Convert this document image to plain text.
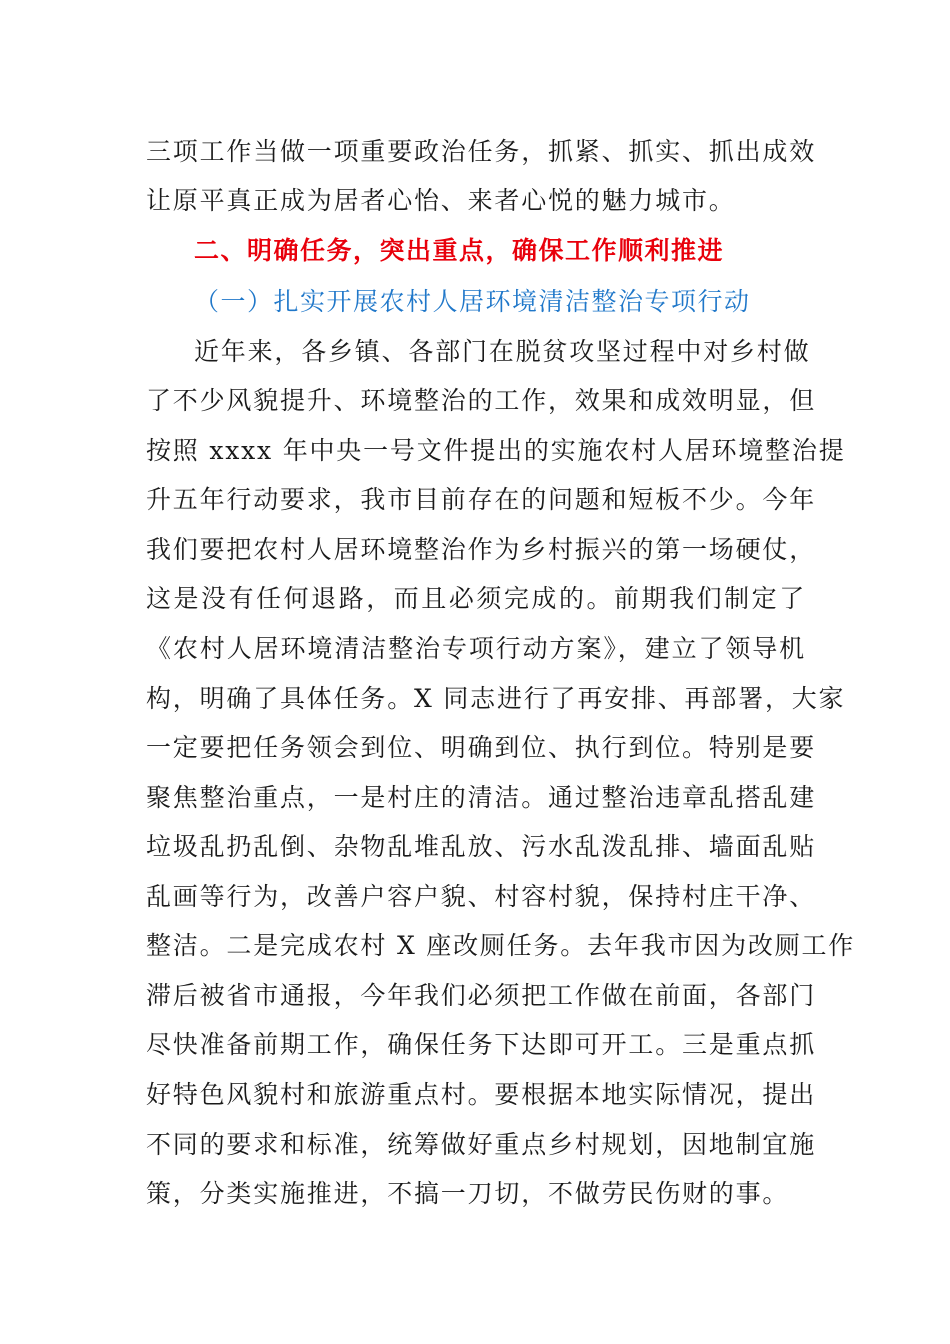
三项工作当做一项重要政治任务，抓紧、抓实、抓出成效
让原平真正成为居者心怡、来者心悦的魅力城市。
二、明确任务，突出重点，确保工作顺利推进
（一）扎实开展农村人居环境清洁整治专项行动
近年来，各乡镇、各部门在脱贫攻坚过程中对乡村做
了不少风貌提升、环境整治的工作，效果和成效明显，但
按照 xxxx 年中央一号文件提出的实施农村人居环境整治提
升五年行动要求，我市目前存在的问题和短板不少。今年
我们要把农村人居环境整治作为乡村振兴的第一场硬仗，
这是没有任何退路，而且必须完成的。前期我们制定了
《农村人居环境清洁整治专项行动方案》，建立了领导机
构，明确了具体任务。X 同志进行了再安排、再部署，大家
一定要把任务领会到位、明确到位、执行到位。特别是要
聚焦整治重点，一是村庄的清洁。通过整治违章乱搭乱建
垃圾乱扔乱倒、杂物乱堆乱放、污水乱泼乱排、墙面乱贴
乱画等行为，改善户容户貌、村容村貌，保持村庄干净、
整洁。二是完成农村 X 座改厕任务。去年我市因为改厕工作
滞后被省市通报，今年我们必须把工作做在前面，各部门
尽快准备前期工作，确保任务下达即可开工。三是重点抓
好特色风貌村和旅游重点村。要根据本地实际情况，提出
不同的要求和标准，统筹做好重点乡村规划，因地制宜施
策，分类实施推进，不搞一刀切，不做劳民伤财的事。
